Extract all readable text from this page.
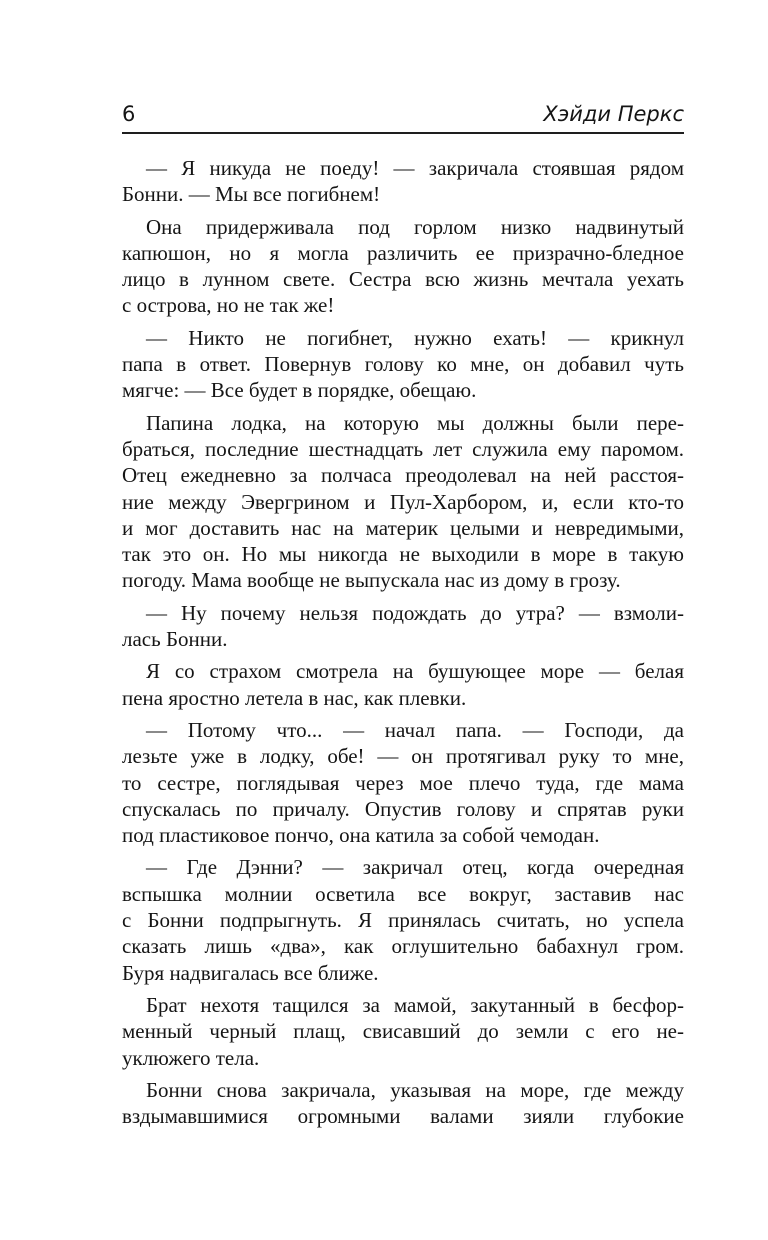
6	Хэйди Перкс
— Я никуда не поеду! — закричала стоявшая рядом
Бонни. — Мы все погибнем!
Она придерживала под горлом низко надвинутый
капюшон, но я могла различить ее призрачно-бледное
лицо в лунном свете. Сестра всю жизнь мечтала уехать
с острова, но не так же!
— Никто не погибнет, нужно ехать! — крикнул
папа в ответ. Повернув голову ко мне, он добавил чуть
мягче: — Все будет в порядке, обещаю.
Папина лодка, на которую мы должны были пере-
браться, последние шестнадцать лет служила ему паромом.
Отец ежедневно за полчаса преодолевал на ней расстоя-
ние между Эвергрином и Пул-Харбором, и, если кто-то
и мог доставить нас на материк целыми и невредимыми,
так это он. Но мы никогда не выходили в море в такую
погоду. Мама вообще не выпускала нас из дому в грозу.
— Ну почему нельзя подождать до утра? — взмоли-
лась Бонни.
Я со страхом смотрела на бушующее море — белая
пена яростно летела в нас, как плевки.
— Потому что... — начал папа. — Господи, да
лезьте уже в лодку, обе! — он протягивал руку то мне,
то сестре, поглядывая через мое плечо туда, где мама
спускалась по причалу. Опустив голову и спрятав руки
под пластиковое пончо, она катила за собой чемодан.
— Где Дэнни? — закричал отец, когда очередная
вспышка молнии осветила все вокруг, заставив нас
с Бонни подпрыгнуть. Я принялась считать, но успела
сказать лишь «два», как оглушительно бабахнул гром.
Буря надвигалась все ближе.
Брат нехотя тащился за мамой, закутанный в бесфор-
менный черный плащ, свисавший до земли с его не-
уклюжего тела.
Бонни снова закричала, указывая на море, где между
вздымавшимися огромными валами зияли глубокие
